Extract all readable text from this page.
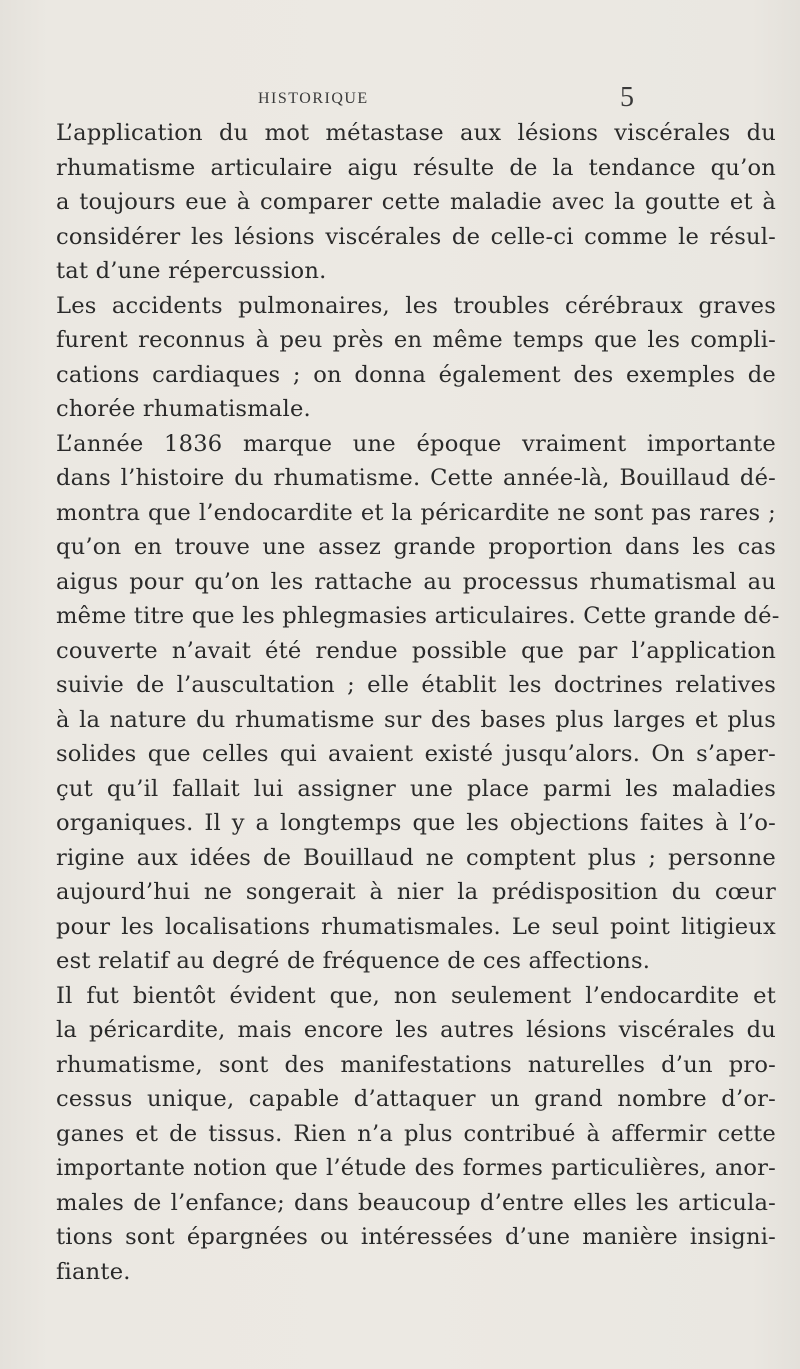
HISTORIQUE	5
L’application du mot métastase aux lésions viscérales du
rhumatisme articulaire aigu résulte de la tendance qu’on
a toujours eue à comparer cette maladie avec la goutte et à
considérer les lésions viscérales de celle-ci comme le résul-
tat d’une répercussion.
Les accidents pulmonaires, les troubles cérébraux graves
furent reconnus à peu près en même temps que les compli-
cations cardiaques ; on donna également des exemples de
chorée rhumatismale.
L’année 1836 marque une époque vraiment importante
dans l’histoire du rhumatisme. Cette année-là, Bouillaud dé-
montra que l’endocardite et la péricardite ne sont pas rares ;
qu’on en trouve une assez grande proportion dans les cas
aigus pour qu’on les rattache au processus rhumatismal au
même titre que les phlegmasies articulaires. Cette grande dé-
couverte n’avait été rendue possible que par l’application
suivie de l’auscultation ; elle établit les doctrines relatives
à la nature du rhumatisme sur des bases plus larges et plus
solides que celles qui avaient existé jusqu’alors. On s’aper-
çut qu’il fallait lui assigner une place parmi les maladies
organiques. Il y a longtemps que les objections faites à l’o-
rigine aux idées de Bouillaud ne comptent plus ; personne
aujourd’hui ne songerait à nier la prédisposition du cœur
pour les localisations rhumatismales. Le seul point litigieux
est relatif au degré de fréquence de ces affections.
Il fut bientôt évident que, non seulement l’endocardite et
la péricardite, mais encore les autres lésions viscérales du
rhumatisme, sont des manifestations naturelles d’un pro-
cessus unique, capable d’attaquer un grand nombre d’or-
ganes et de tissus. Rien n’a plus contribué à affermir cette
importante notion que l’étude des formes particulières, anor-
males de l’enfance; dans beaucoup d’entre elles les articula-
tions sont épargnées ou intéressées d’une manière insigni-
fiante.
